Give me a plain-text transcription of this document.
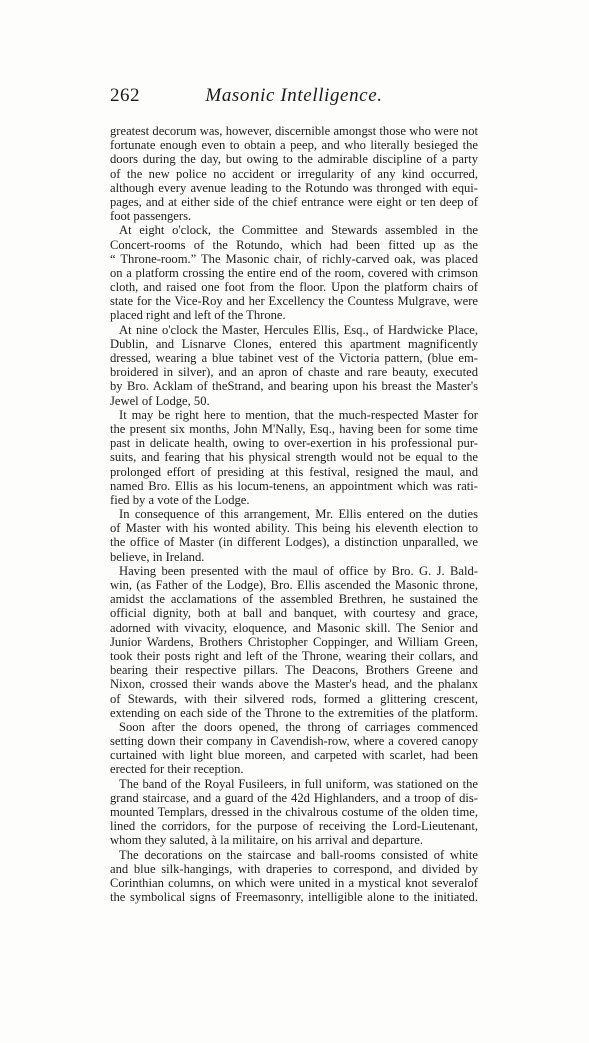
262	Masonic Intelligence.
greatest decorum was, however, discernible amongst those who were not
fortunate enough even to obtain a peep, and who literally besieged the
doors during the day, but owing to the admirable discipline of a party
of the new police no accident or irregularity of any kind occurred,
although every avenue leading to the Rotundo was thronged with equi-
pages, and at either side of the chief entrance were eight or ten deep of
foot passengers.
At eight o'clock, the Committee and Stewards assembled in the
Concert-rooms of the Rotundo, which had been fitted up as the
“ Throne-room.” The Masonic chair, of richly-carved oak, was placed
on a platform crossing the entire end of the room, covered with crimson
cloth, and raised one foot from the floor. Upon the platform chairs of
state for the Vice-Roy and her Excellency the Countess Mulgrave, were
placed right and left of the Throne.
At nine o'clock the Master, Hercules Ellis, Esq., of Hardwicke Place,
Dublin, and Lisnarve Clones, entered this apartment magnificently
dressed, wearing a blue tabinet vest of the Victoria pattern, (blue em-
broidered in silver), and an apron of chaste and rare beauty, executed
by Bro. Acklam of theStrand, and bearing upon his breast the Master's
Jewel of Lodge, 50.
It may be right here to mention, that the much-respected Master for
the present six months, John M'Nally, Esq., having been for some time
past in delicate health, owing to over-exertion in his professional pur-
suits, and fearing that his physical strength would not be equal to the
prolonged effort of presiding at this festival, resigned the maul, and
named Bro. Ellis as his locum-tenens, an appointment which was rati-
fied by a vote of the Lodge.
In consequence of this arrangement, Mr. Ellis entered on the duties
of Master with his wonted ability. This being his eleventh election to
the office of Master (in different Lodges), a distinction unparalled, we
believe, in Ireland.
Having been presented with the maul of office by Bro. G. J. Bald-
win, (as Father of the Lodge), Bro. Ellis ascended the Masonic throne,
amidst the acclamations of the assembled Brethren, he sustained the
official dignity, both at ball and banquet, with courtesy and grace,
adorned with vivacity, eloquence, and Masonic skill. The Senior and
Junior Wardens, Brothers Christopher Coppinger, and William Green,
took their posts right and left of the Throne, wearing their collars, and
bearing their respective pillars. The Deacons, Brothers Greene and
Nixon, crossed their wands above the Master's head, and the phalanx
of Stewards, with their silvered rods, formed a glittering crescent,
extending on each side of the Throne to the extremities of the platform.
Soon after the doors opened, the throng of carriages commenced
setting down their company in Cavendish-row, where a covered canopy
curtained with light blue moreen, and carpeted with scarlet, had been
erected for their reception.
The band of the Royal Fusileers, in full uniform, was stationed on the
grand staircase, and a guard of the 42d Highlanders, and a troop of dis-
mounted Templars, dressed in the chivalrous costume of the olden time,
lined the corridors, for the purpose of receiving the Lord-Lieutenant,
whom they saluted, à la militaire, on his arrival and departure.
The decorations on the staircase and ball-rooms consisted of white
and blue silk-hangings, with draperies to correspond, and divided by
Corinthian columns, on which were united in a mystical knot severalof
the symbolical signs of Freemasonry, intelligible alone to the initiated.
